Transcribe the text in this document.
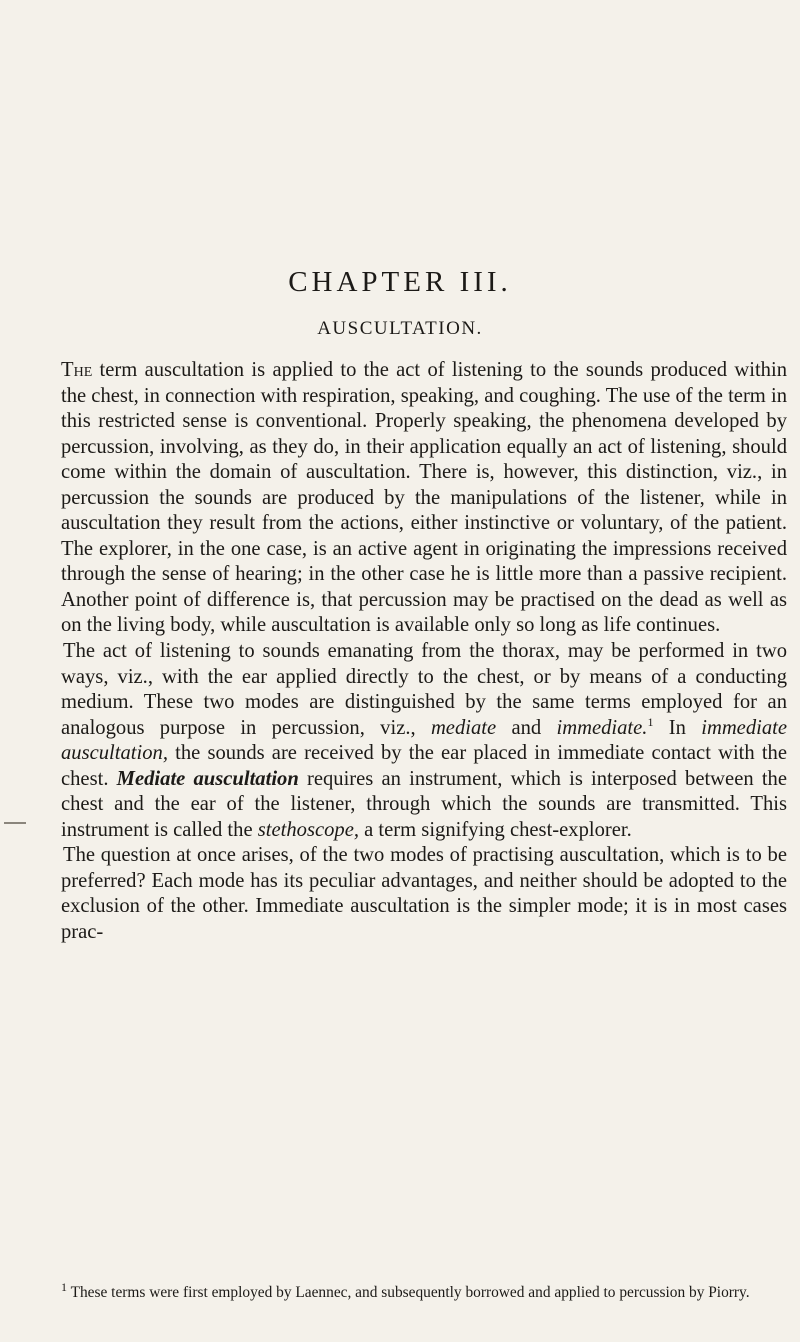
CHAPTER III.
AUSCULTATION.

The term auscultation is applied to the act of listening to the sounds produced within the chest, in connection with respiration, speaking, and coughing. The use of the term in this restricted sense is conventional. Properly speaking, the phenomena developed by percussion, involving, as they do, in their application equally an act of listening, should come within the domain of auscultation. There is, however, this distinction, viz., in percussion the sounds are produced by the manipulations of the listener, while in auscultation they result from the actions, either instinctive or voluntary, of the patient. The explorer, in the one case, is an active agent in originating the impressions received through the sense of hearing; in the other case he is little more than a passive recipient. Another point of difference is, that percussion may be practised on the dead as well as on the living body, while auscultation is available only so long as life continues.

The act of listening to sounds emanating from the thorax, may be performed in two ways, viz., with the ear applied directly to the chest, or by means of a conducting medium. These two modes are distinguished by the same terms employed for an analogous purpose in percussion, viz., mediate and immediate.$^1$ In immediate auscultation, the sounds are received by the ear placed in immediate contact with the chest. Mediate auscultation requires an instrument, which is interposed between the chest and the ear of the listener, through which the sounds are transmitted. This instrument is called the stethoscope, a term signifying chest-explorer.

The question at once arises, of the two modes of practising auscultation, which is to be preferred? Each mode has its peculiar advantages, and neither should be adopted to the exclusion of the other. Immediate auscultation is the simpler mode; it is in most cases prac-

$^1$ These terms were first employed by Laennec, and subsequently borrowed and applied to percussion by Piorry.
